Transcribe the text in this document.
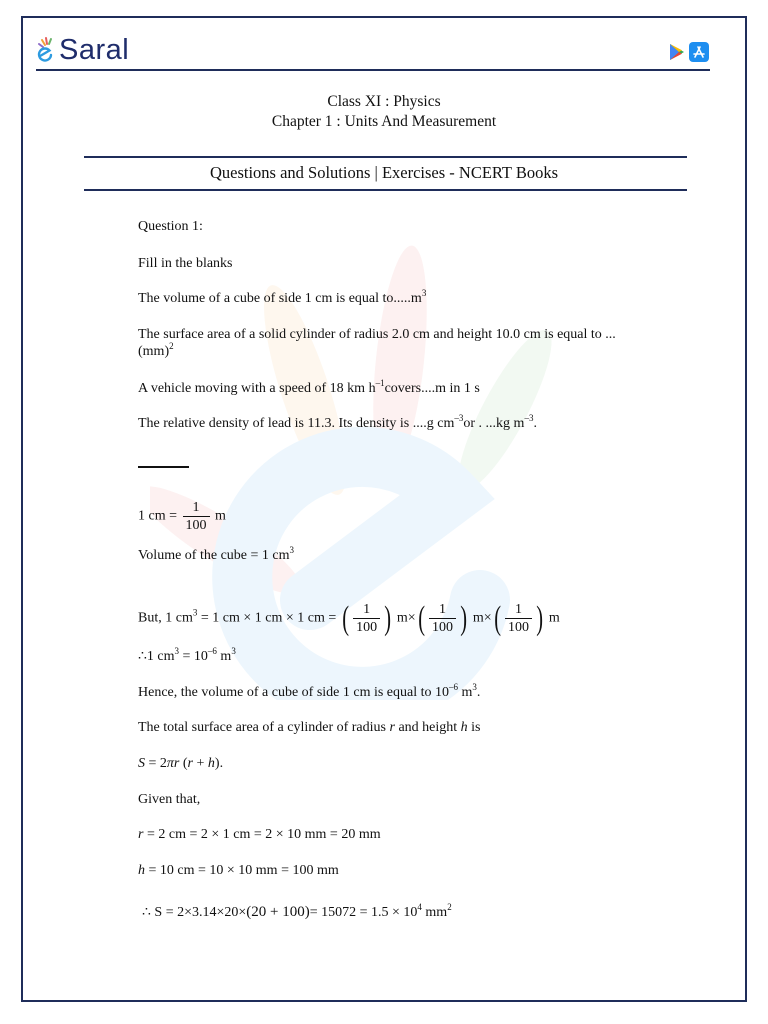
Saral
Class XI : Physics
Chapter 1 : Units And Measurement
Questions and Solutions | Exercises - NCERT Books
Question 1:
Fill in the blanks
The volume of a cube of side 1 cm is equal $to.....m^3$
The surface area of a solid cylinder of radius 2.0 cm and height 10.0 cm is equal to ...
(mm)$^2$
A vehicle moving with a speed of 18 km $h^{-1}covers....m$ in 1 s
The relative density of lead is 11.3. Its density is ....g $cm^{-3}or$ . ...kg $m^{-3}$.
1 cm = $\frac{1}{100}$ m
Volume of the cube = 1 $cm^3$
But, 1 $cm^3 = 1$ cm × 1 cm × 1 cm = ( $\frac{1}{100}$ ) m× ( $\frac{1}{100}$ ) m× ( $\frac{1}{100}$ ) m
∴1 $cm^3 = 10^{-6}$ $m^3$
Hence, the volume of a cube of side 1 cm is equal to $10^{-6}$ $m^3$.
The total surface area of a cylinder of radius r and height h is
S = 2πr (r + h).
Given that,
r = 2 cm = 2 × 1 cm = 2 × 10 mm = 20 mm
h = 10 cm = 10 × 10 mm = 100 mm
∴ $S = 2\times 3.14\times 20\times(20 + 100)= 15072 = 1.5 \times 10^4$ $mm^2$
